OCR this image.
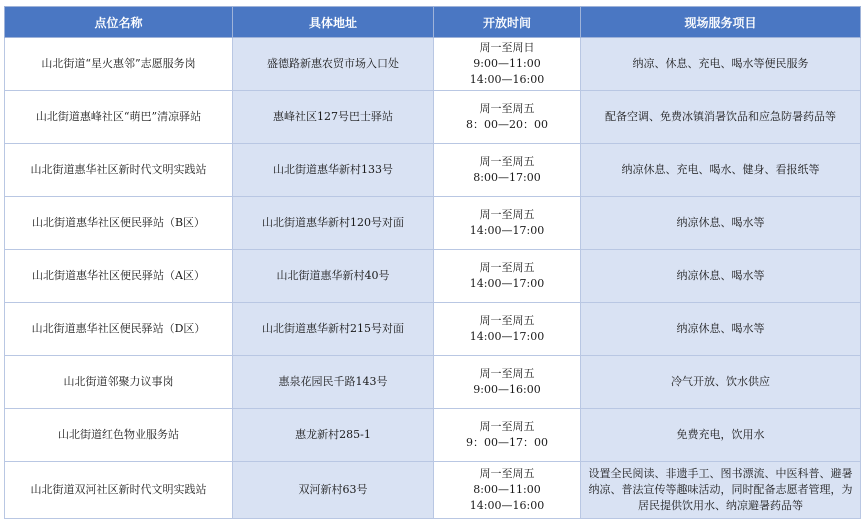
点位名称	具体地址	开放时间	现场服务项目
山北街道“星火惠邻”志愿服务岗	盛德路新惠农贸市场入口处	周一至周日
9:00—11:00
14:00—16:00	纳凉、休息、充电、喝水等便民服务
山北街道惠峰社区“萌巴”清凉驿站	惠峰社区127号巴士驿站	周一至周五
8：00—20：00	配备空调、免费冰镇消暑饮品和应急防暑药品等
山北街道惠华社区新时代文明实践站	山北街道惠华新村133号	周一至周五
8:00—17:00	纳凉休息、充电、喝水、健身、看报纸等
山北街道惠华社区便民驿站（B区）	山北街道惠华新村120号对面	周一至周五
14:00—17:00	纳凉休息、喝水等
山北街道惠华社区便民驿站（A区）	山北街道惠华新村40号	周一至周五
14:00—17:00	纳凉休息、喝水等
山北街道惠华社区便民驿站（D区）	山北街道惠华新村215号对面	周一至周五
14:00—17:00	纳凉休息、喝水等
山北街道邻聚力议事岗	惠泉花园民千路143号	周一至周五
9:00—16:00	冷气开放、饮水供应
山北街道红色物业服务站	惠龙新村285-1	周一至周五
9：00—17：00	免费充电，饮用水
山北街道双河社区新时代文明实践站	双河新村63号	周一至周五
8:00—11:00
14:00—16:00	设置全民阅读、非遗手工、图书漂流、中医科普、避暑纳凉、普法宣传等趣味活动，同时配备志愿者管理，为居民提供饮用水、纳凉避暑药品等
